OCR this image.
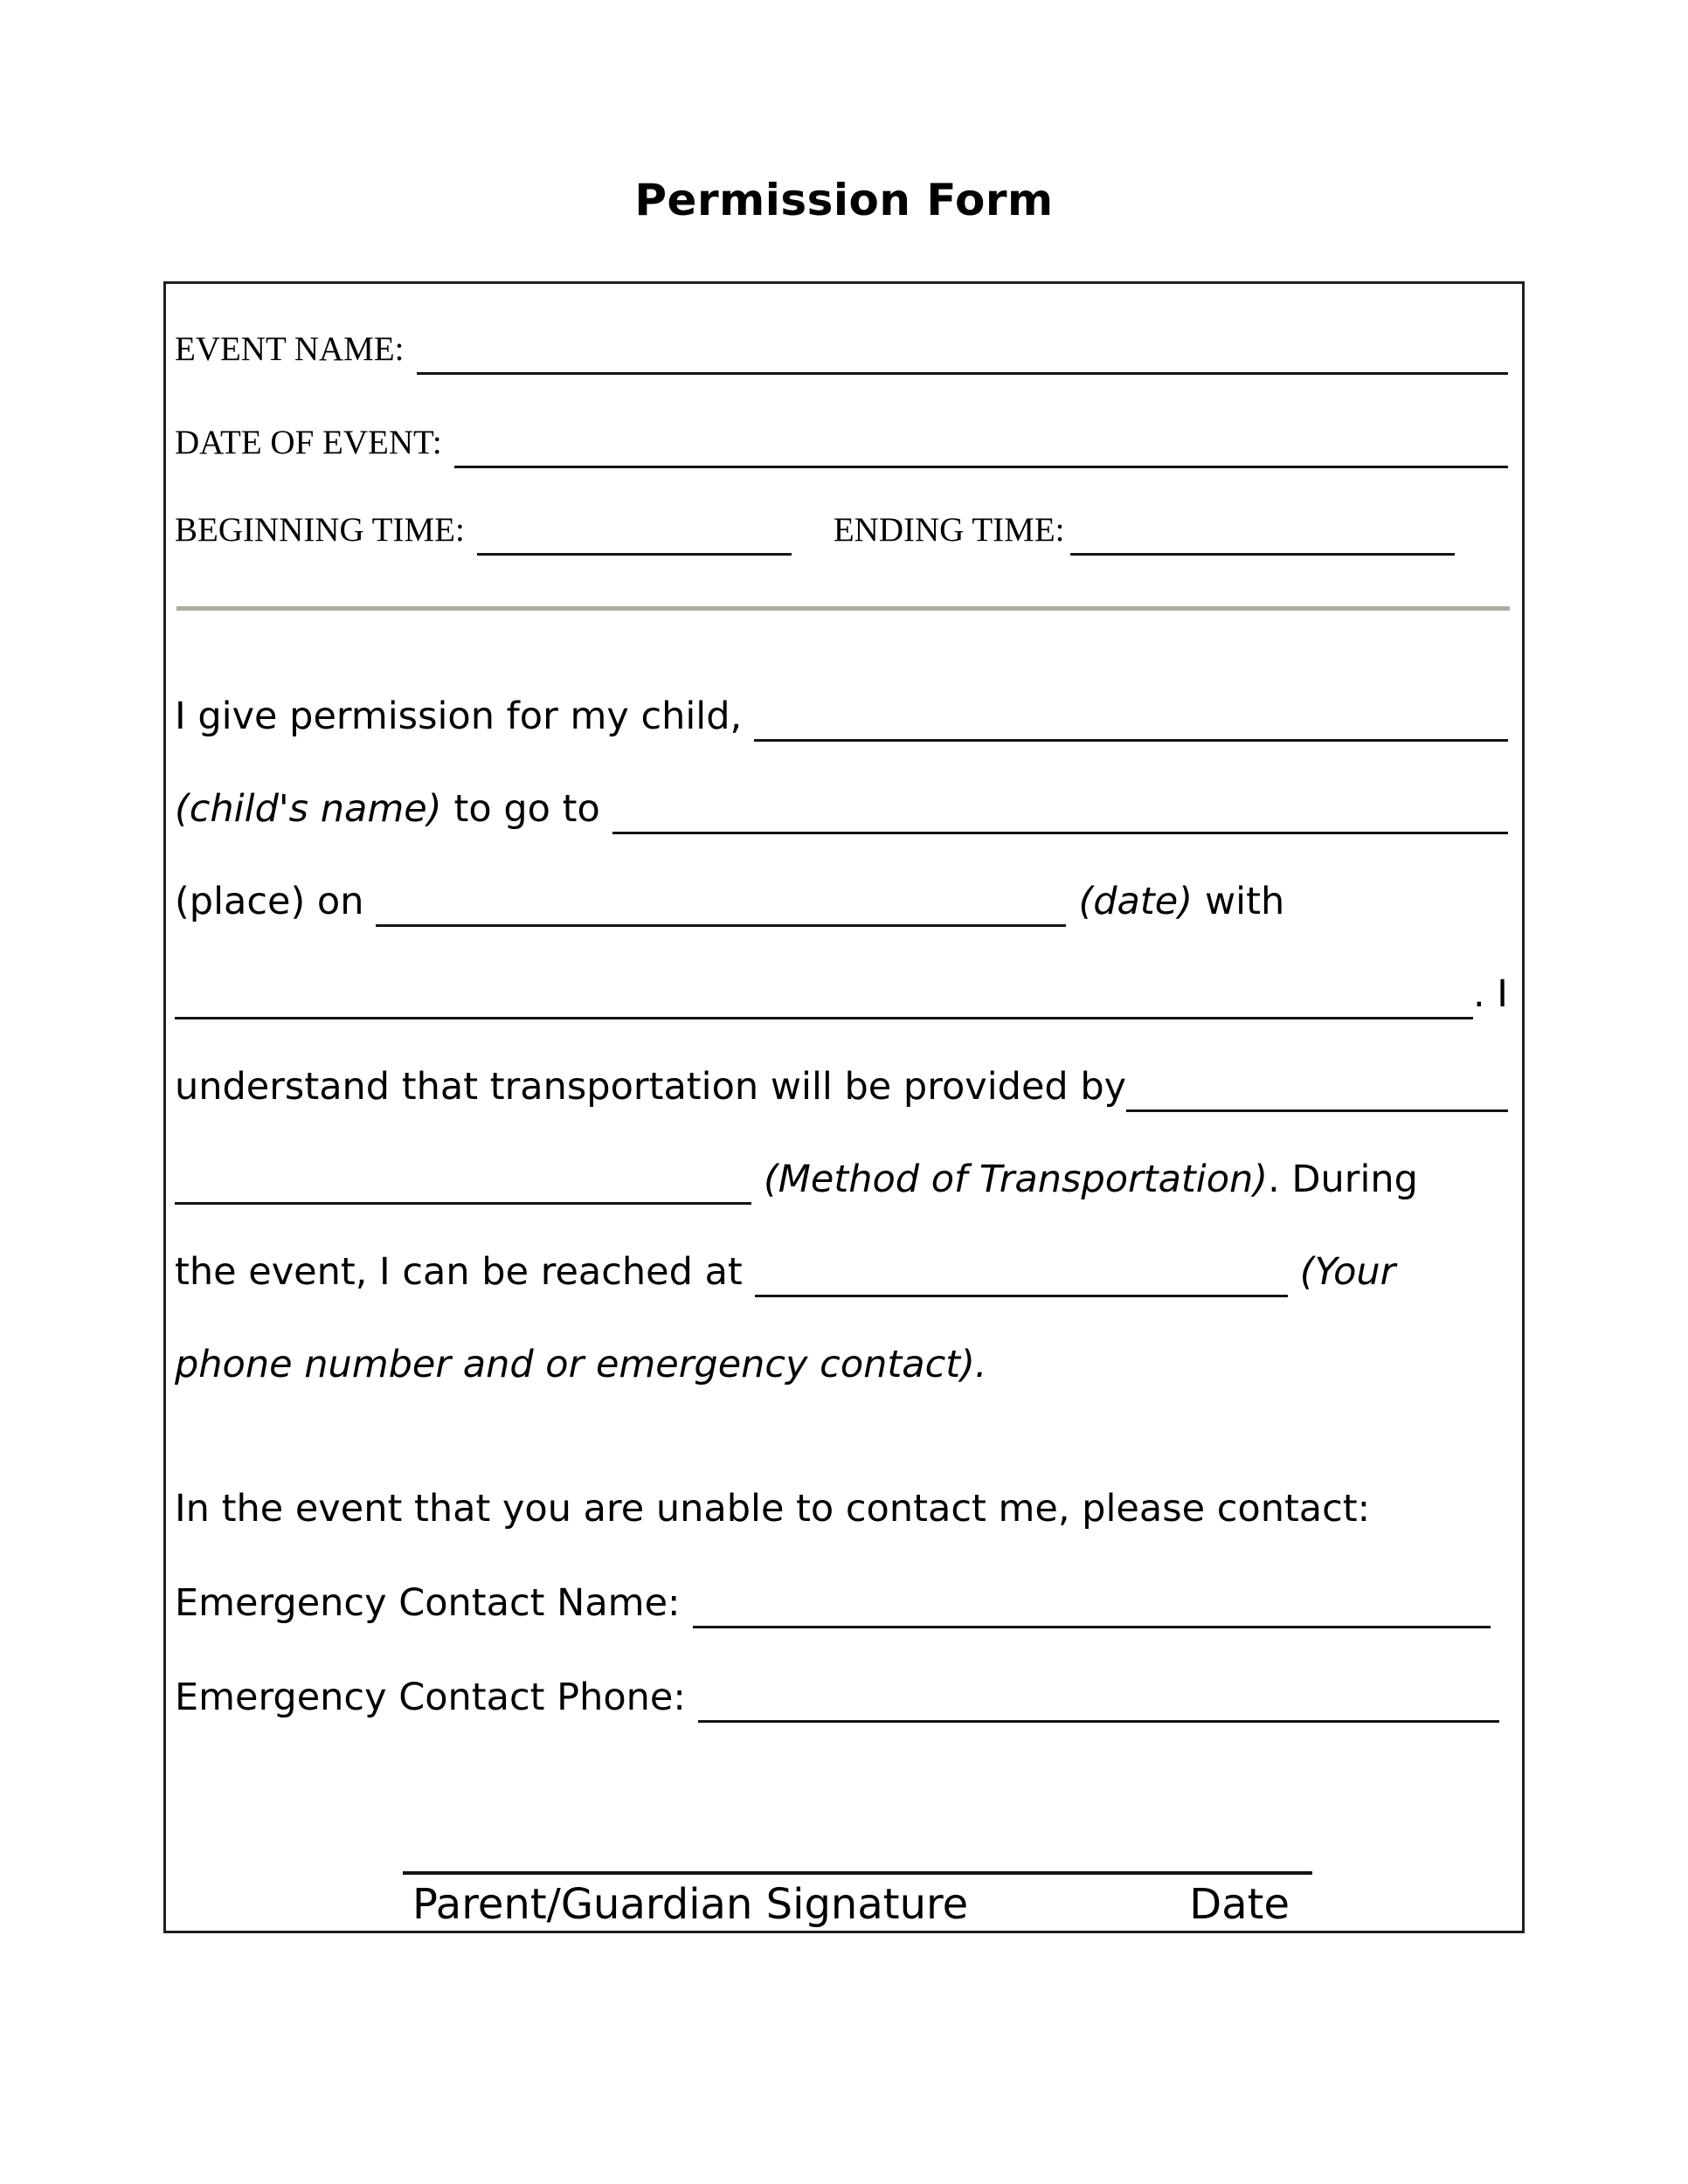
Permission Form
EVENT NAME:
DATE OF EVENT:
BEGINNING TIME:	ENDING TIME:
I give permission for my child,
(child's name) to go to
(place) on	(date) with
. I
understand that transportation will be provided by
(Method of Transportation) . During
the event, I can be reached at	(Your
phone number and or emergency contact).
In the event that you are unable to contact me, please contact:
Emergency Contact Name:
Emergency Contact Phone:
Parent/Guardian Signature	Date
